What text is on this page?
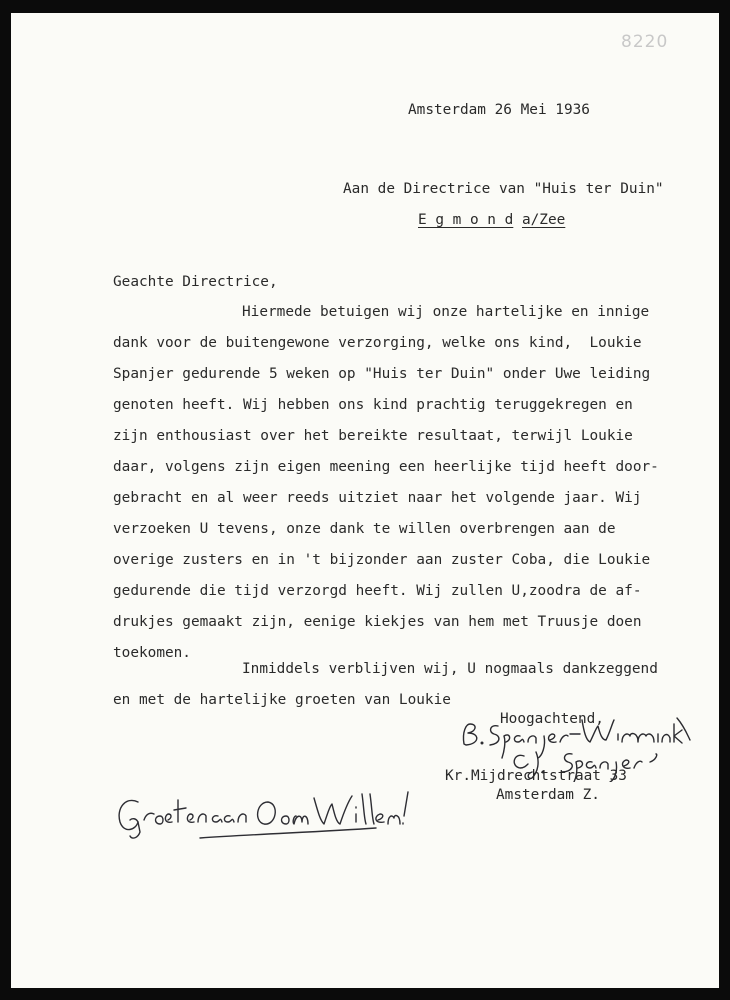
8220
Amsterdam 26 Mei 1936
Aan de Directrice van "Huis ter Duin"
E g m o n d a/Zee
Geachte Directrice,
Hiermede betuigen wij onze hartelijke en innige
dank voor de buitengewone verzorging, welke ons kind,  Loukie
Spanjer gedurende 5 weken op "Huis ter Duin" onder Uwe leiding
genoten heeft. Wij hebben ons kind prachtig teruggekregen en
zijn enthousiast over het bereikte resultaat, terwijl Loukie
daar, volgens zijn eigen meening een heerlijke tijd heeft door-
gebracht en al weer reeds uitziet naar het volgende jaar. Wij
verzoeken U tevens, onze dank te willen overbrengen aan de
overige zusters en in 't bijzonder aan zuster Coba, die Loukie
gedurende die tijd verzorgd heeft. Wij zullen U,zoodra de af-
drukjes gemaakt zijn, eenige kiekjes van hem met Truusje doen
toekomen.
Inmiddels verblijven wij, U nogmaals dankzeggend
en met de hartelijke groeten van Loukie
Hoogachtend,
Kr.Mijdrechtstraat 33
Amsterdam Z.
